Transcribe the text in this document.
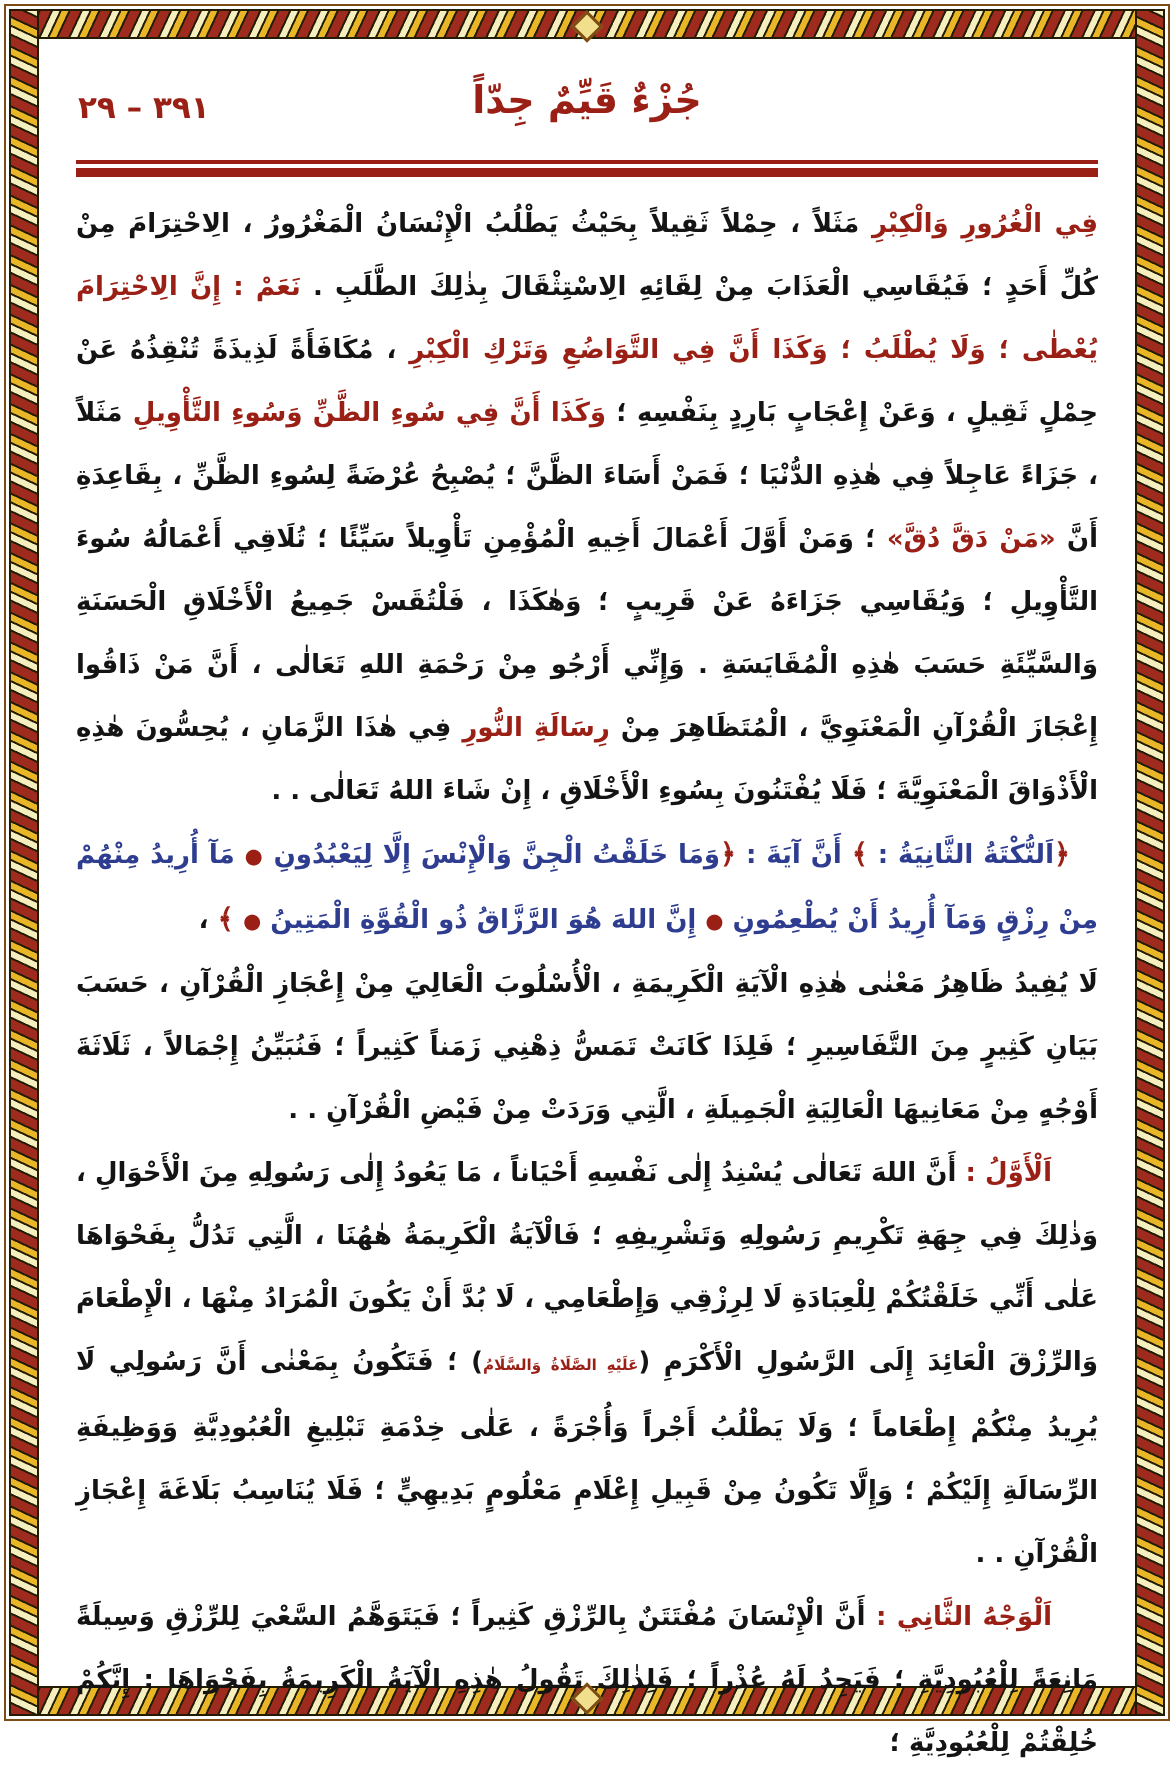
جُزْءٌ قَيِّمٌ جِدّاً
٣٩١ – ٢٩

فِي الْغُرُورِ وَالْكِبْرِ مَثَلاً ، حِمْلاً ثَقِيلاً بِحَيْثُ يَطْلُبُ الْإِنْسَانُ الْمَغْرُورُ ، الِاحْتِرَامَ مِنْ كُلِّ أَحَدٍ ؛ فَيُقَاسِي الْعَذَابَ مِنْ لِقَائِهِ الِاسْتِثْقَالَ بِذٰلِكَ الطَّلَبِ . نَعَمْ : إِنَّ الِاحْتِرَامَ يُعْطٰى ؛ وَلَا يُطْلَبُ ؛ وَكَذَا أَنَّ فِي التَّوَاضُعِ وَتَرْكِ الْكِبْرِ ، مُكَافَأَةً لَذِيذَةً تُنْقِذُهُ عَنْ حِمْلٍ ثَقِيلٍ ، وَعَنْ إِعْجَابٍ بَارِدٍ بِنَفْسِهِ ؛ وَكَذَا أَنَّ فِي سُوءِ الظَّنِّ وَسُوءِ التَّأْوِيلِ مَثَلاً ، جَزَاءً عَاجِلاً فِي هٰذِهِ الدُّنْيَا ؛ فَمَنْ أَسَاءَ الظَّنَّ ؛ يُصْبِحُ عُرْضَةً لِسُوءِ الظَّنِّ ، بِقَاعِدَةِ أَنَّ «مَنْ دَقَّ دُقَّ» ؛ وَمَنْ أَوَّلَ أَعْمَالَ أَخِيهِ الْمُؤْمِنِ تَأْوِيلاً سَيِّئًا ؛ تُلَاقِي أَعْمَالُهُ سُوءَ التَّأْوِيلِ ؛ وَيُقَاسِي جَزَاءَهُ عَنْ قَرِيبٍ ؛ وَهٰكَذَا ، فَلْتُقَسْ جَمِيعُ الْأَخْلَاقِ الْحَسَنَةِ وَالسَّيِّئَةِ حَسَبَ هٰذِهِ الْمُقَايَسَةِ . وَإِنِّي أَرْجُو مِنْ رَحْمَةِ اللهِ تَعَالٰى ، أَنَّ مَنْ ذَاقُوا إِعْجَازَ الْقُرْآنِ الْمَعْنَوِيَّ ، الْمُتَظَاهِرَ مِنْ رِسَالَةِ النُّورِ فِي هٰذَا الزَّمَانِ ، يُحِسُّونَ هٰذِهِ الْأَذْوَاقَ الْمَعْنَوِيَّةَ ؛ فَلَا يُفْتَنُونَ بِسُوءِ الْأَخْلَاقِ ، إِنْ شَاءَ اللهُ تَعَالٰى . .

﴿اَلنُّكْتَةُ الثَّانِيَةُ : ﴾ أَنَّ آيَةَ : ﴿وَمَا خَلَقْتُ الْجِنَّ وَالْإِنْسَ إِلَّا لِيَعْبُدُونِ ● مَآ أُرِيدُ مِنْهُمْ مِنْ رِزْقٍ وَمَآ أُرِيدُ أَنْ يُطْعِمُونِ ● إِنَّ اللهَ هُوَ الرَّزَّاقُ ذُو الْقُوَّةِ الْمَتِينُ ● ﴾ ،

لَا يُفِيدُ ظَاهِرُ مَعْنٰى هٰذِهِ الْآيَةِ الْكَرِيمَةِ ، الْأُسْلُوبَ الْعَالِيَ مِنْ إِعْجَازِ الْقُرْآنِ ، حَسَبَ بَيَانِ كَثِيرٍ مِنَ التَّفَاسِيرِ ؛ فَلِذَا كَانَتْ تَمَسُّ ذِهْنِي زَمَناً كَثِيراً ؛ فَنُبَيِّنُ إِجْمَالاً ، ثَلَاثَةَ أَوْجُهٍ مِنْ مَعَانِيهَا الْعَالِيَةِ الْجَمِيلَةِ ، الَّتِي وَرَدَتْ مِنْ فَيْضِ الْقُرْآنِ . .

اَلْأَوَّلُ : أَنَّ اللهَ تَعَالٰى يُسْنِدُ إِلٰى نَفْسِهِ أَحْيَاناً ، مَا يَعُودُ إِلٰى رَسُولِهِ مِنَ الْأَحْوَالِ ، وَذٰلِكَ فِي جِهَةِ تَكْرِيمِ رَسُولِهِ وَتَشْرِيفِهِ ؛ فَالْآيَةُ الْكَرِيمَةُ هٰهُنَا ، الَّتِي تَدُلُّ بِفَحْوَاهَا عَلٰى أَنِّي خَلَقْتُكُمْ لِلْعِبَادَةِ لَا لِرِزْقِي وَإِطْعَامِي ، لَا بُدَّ أَنْ يَكُونَ الْمُرَادُ مِنْهَا ، الْإِطْعَامَ وَالرِّزْقَ الْعَائِدَ إِلَى الرَّسُولِ الْأَكْرَمِ (عَلَيْهِ الصَّلَاةُ وَالسَّلَامُ) ؛ فَتَكُونُ بِمَعْنٰى أَنَّ رَسُولِي لَا يُرِيدُ مِنْكُمْ إِطْعَاماً ؛ وَلَا يَطْلُبُ أَجْراً وَأُجْرَةً ، عَلٰى خِدْمَةِ تَبْلِيغِ الْعُبُودِيَّةِ وَوَظِيفَةِ الرِّسَالَةِ إِلَيْكُمْ ؛ وَإِلَّا تَكُونُ مِنْ قَبِيلِ إِعْلَامِ مَعْلُومٍ بَدِيهِيٍّ ؛ فَلَا يُنَاسِبُ بَلَاغَةَ إِعْجَازِ الْقُرْآنِ . .

اَلْوَجْهُ الثَّانِي : أَنَّ الْإِنْسَانَ مُفْتَتَنٌ بِالرِّزْقِ كَثِيراً ؛ فَيَتَوَهَّمُ السَّعْيَ لِلرِّزْقِ وَسِيلَةً مَانِعَةً لِلْعُبُودِيَّةِ ؛ فَيَجِدُ لَهُ عُذْراً ؛ فَلِذٰلِكَ تَقُولُ هٰذِهِ الْآيَةُ الْكَرِيمَةُ بِفَحْوَاهَا : إِنَّكُمْ خُلِقْتُمْ لِلْعُبُودِيَّةِ ؛
